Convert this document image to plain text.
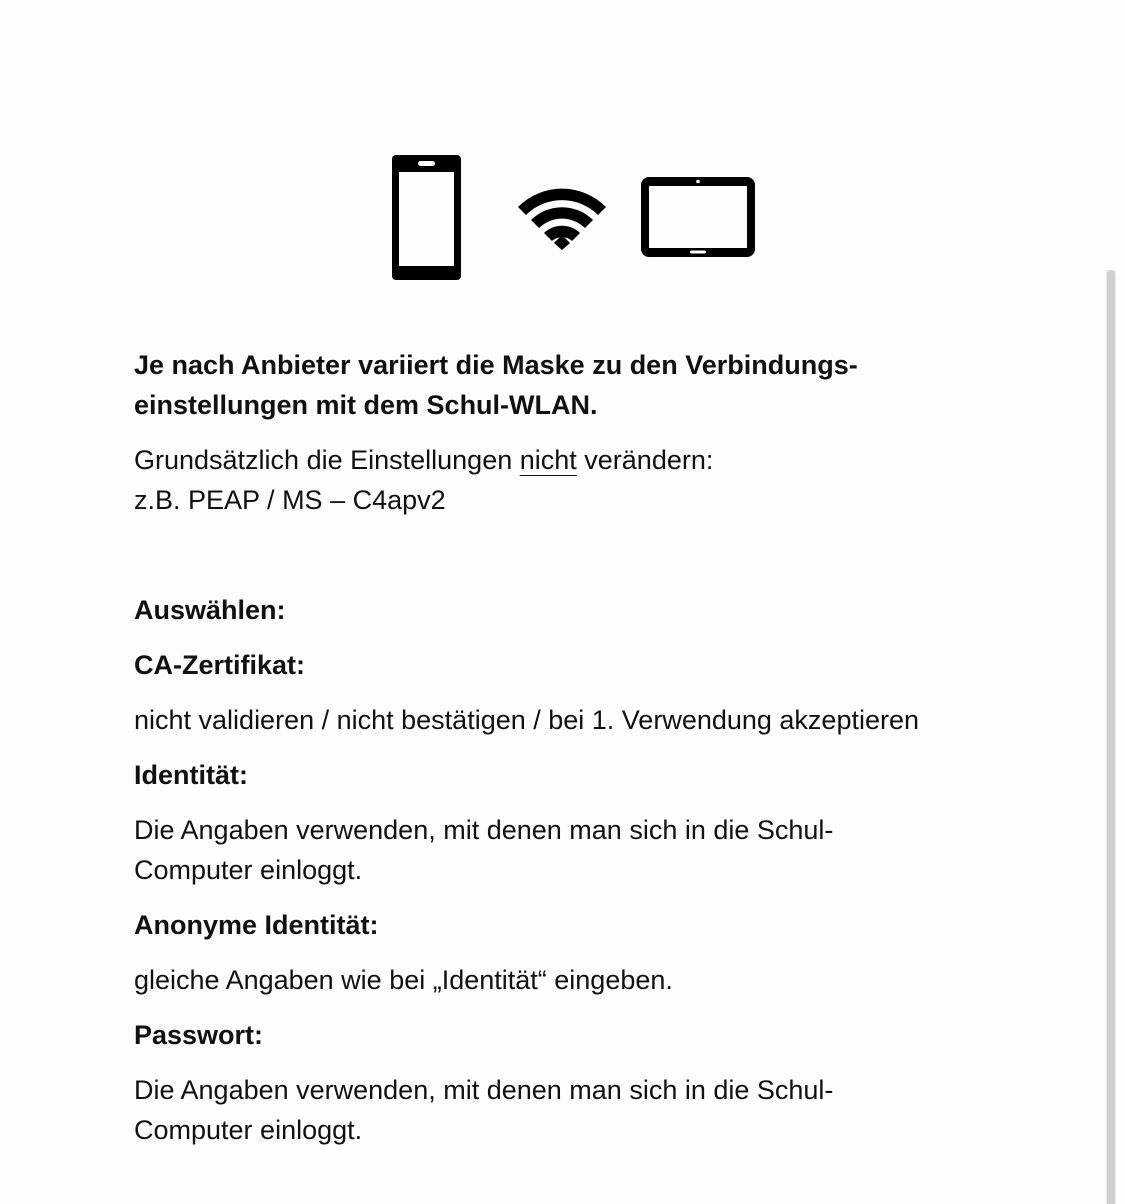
Je nach Anbieter variiert die Maske zu den Verbindungs-
einstellungen mit dem Schul-WLAN.

Grundsätzlich die Einstellungen nicht verändern:
z.B. PEAP / MS – C4apv2

Auswählen:

CA-Zertifikat:

nicht validieren / nicht bestätigen / bei 1. Verwendung akzeptieren

Identität:

Die Angaben verwenden, mit denen man sich in die Schul-
Computer einloggt.

Anonyme Identität:

gleiche Angaben wie bei „Identität“ eingeben.

Passwort:

Die Angaben verwenden, mit denen man sich in die Schul-
Computer einloggt.
